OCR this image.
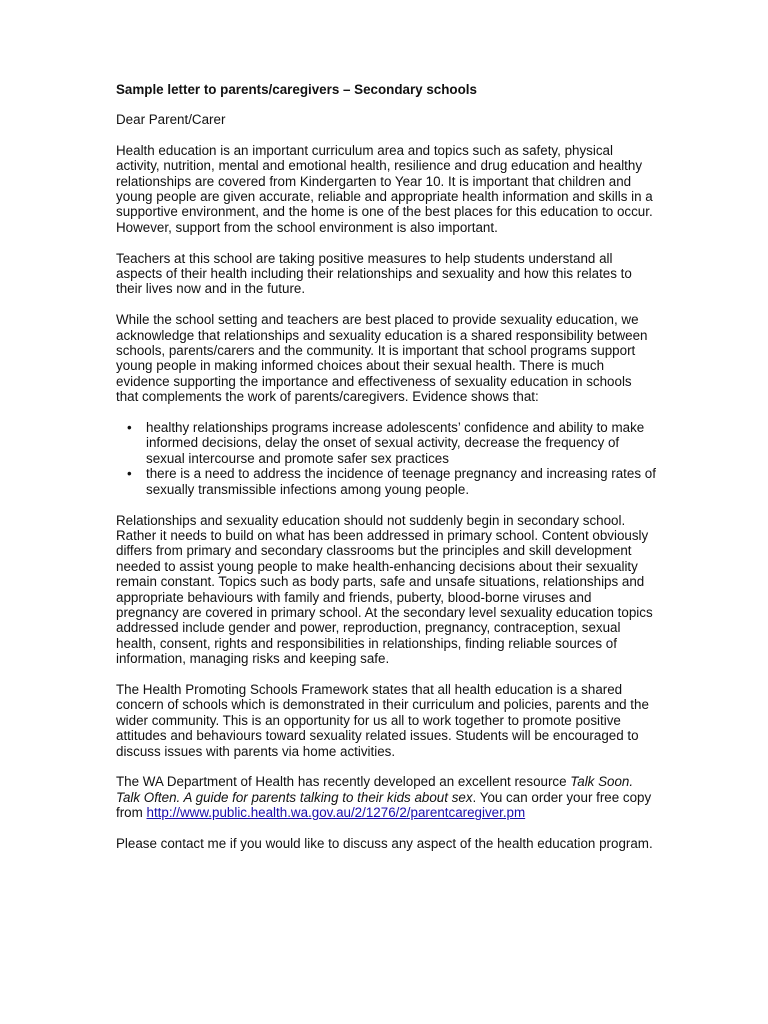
Sample letter to parents/caregivers – Secondary schools
Dear Parent/Carer

Health education is an important curriculum area and topics such as safety, physical activity, nutrition, mental and emotional health, resilience and drug education and healthy relationships are covered from Kindergarten to Year 10. It is important that children and young people are given accurate, reliable and appropriate health information and skills in a supportive environment, and the home is one of the best places for this education to occur. However, support from the school environment is also important.

Teachers at this school are taking positive measures to help students understand all aspects of their health including their relationships and sexuality and how this relates to their lives now and in the future.

While the school setting and teachers are best placed to provide sexuality education, we acknowledge that relationships and sexuality education is a shared responsibility between schools, parents/carers and the community. It is important that school programs support young people in making informed choices about their sexual health. There is much evidence supporting the importance and effectiveness of sexuality education in schools that complements the work of parents/caregivers. Evidence shows that:

• healthy relationships programs increase adolescents’ confidence and ability to make informed decisions, delay the onset of sexual activity, decrease the frequency of sexual intercourse and promote safer sex practices
• there is a need to address the incidence of teenage pregnancy and increasing rates of sexually transmissible infections among young people.

Relationships and sexuality education should not suddenly begin in secondary school. Rather it needs to build on what has been addressed in primary school. Content obviously differs from primary and secondary classrooms but the principles and skill development needed to assist young people to make health-enhancing decisions about their sexuality remain constant. Topics such as body parts, safe and unsafe situations, relationships and appropriate behaviours with family and friends, puberty, blood-borne viruses and pregnancy are covered in primary school. At the secondary level sexuality education topics addressed include gender and power, reproduction, pregnancy, contraception, sexual health, consent, rights and responsibilities in relationships, finding reliable sources of information, managing risks and keeping safe.

The Health Promoting Schools Framework states that all health education is a shared concern of schools which is demonstrated in their curriculum and policies, parents and the wider community. This is an opportunity for us all to work together to promote positive attitudes and behaviours toward sexuality related issues. Students will be encouraged to discuss issues with parents via home activities.

The WA Department of Health has recently developed an excellent resource Talk Soon. Talk Often. A guide for parents talking to their kids about sex. You can order your free copy from http://www.public.health.wa.gov.au/2/1276/2/parentcaregiver.pm

Please contact me if you would like to discuss any aspect of the health education program.
